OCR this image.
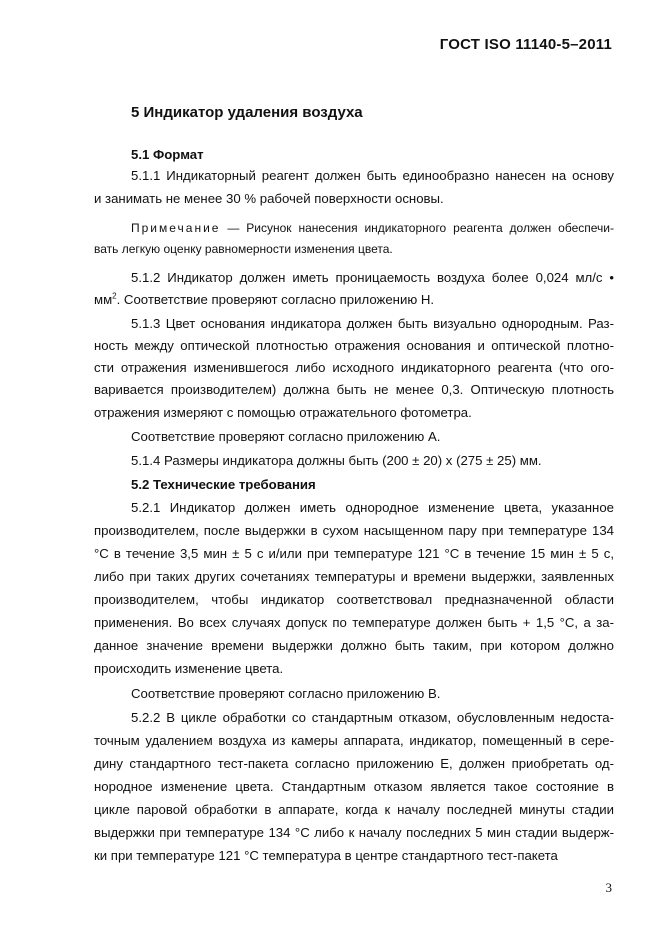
ГОСТ ISO 11140-5–2011
5 Индикатор удаления воздуха
5.1 Формат
5.1.1 Индикаторный реагент должен быть единообразно нанесен на основу
и занимать не менее 30 % рабочей поверхности основы.
Примечание — Рисунок нанесения индикаторного реагента должен обеспечи-
вать легкую оценку равномерности изменения цвета.
5.1.2 Индикатор должен иметь проницаемость воздуха более 0,024 мл/с •
$мм^2$. Соответствие проверяют согласно приложению Н.
5.1.3 Цвет основания индикатора должен быть визуально однородным. Раз-
ность между оптической плотностью отражения основания и оптической плотно-
сти отражения изменившегося либо исходного индикаторного реагента (что ого-
варивается производителем) должна быть не менее 0,3. Оптическую плотность
отражения измеряют с помощью отражательного фотометра.
Соответствие проверяют согласно приложению А.
5.1.4 Размеры индикатора должны быть (200 ± 20) х (275 ± 25) мм.
5.2 Технические требования
5.2.1 Индикатор должен иметь однородное изменение цвета, указанное
производителем, после выдержки в сухом насыщенном пару при температуре 134
°С в течение 3,5 мин ± 5 с и/или при температуре 121 °С в течение 15 мин ± 5 с,
либо при таких других сочетаниях температуры и времени выдержки, заявленных
производителем, чтобы индикатор соответствовал предназначенной области
применения. Во всех случаях допуск по температуре должен быть + 1,5 °С, а за-
данное значение времени выдержки должно быть таким, при котором должно
происходить изменение цвета.
Соответствие проверяют согласно приложению В.
5.2.2 В цикле обработки со стандартным отказом, обусловленным недоста-
точным удалением воздуха из камеры аппарата, индикатор, помещенный в сере-
дину стандартного тест-пакета согласно приложению Е, должен приобретать од-
нородное изменение цвета. Стандартным отказом является такое состояние в
цикле паровой обработки в аппарате, когда к началу последней минуты стадии
выдержки при температуре 134 °С либо к началу последних 5 мин стадии выдерж-
ки при температуре 121 °С температура в центре стандартного тест-пакета
3
